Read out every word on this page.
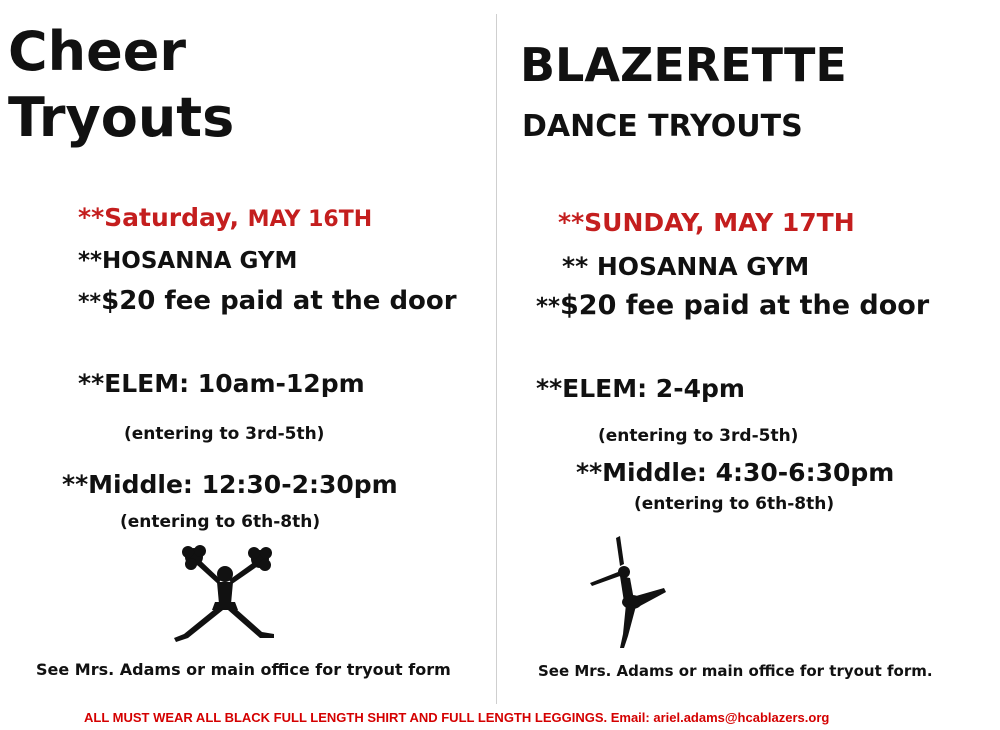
Cheer
Tryouts
**Saturday, MAY 16TH
**HOSANNA GYM
**$20 fee paid at the door
**ELEM: 10am-12pm
(entering to 3rd-5th)
**Middle: 12:30-2:30pm
(entering to 6th-8th)
See Mrs. Adams or main office for tryout form
BLAZERETTE
DANCE TRYOUTS
**SUNDAY, MAY 17TH
** HOSANNA GYM
**$20 fee paid at the door
**ELEM: 2-4pm
(entering to 3rd-5th)
**Middle: 4:30-6:30pm
(entering to 6th-8th)
See Mrs. Adams or main office for tryout form.
ALL MUST WEAR ALL BLACK FULL LENGTH SHIRT AND FULL LENGTH LEGGINGS. Email: ariel.adams@hcablazers.org
